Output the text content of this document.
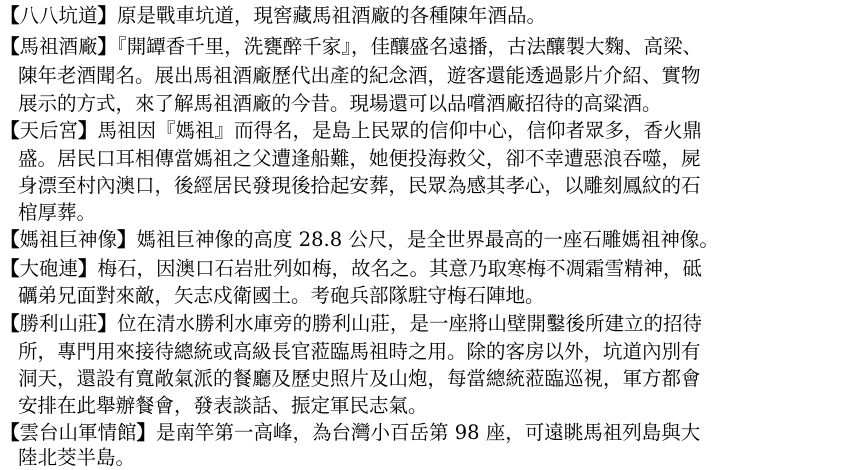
【八八坑道】原是戰車坑道，現窖藏馬祖酒廠的各種陳年酒品。
【馬祖酒廠】『開罈香千里，洗甕醉千家』，佳釀盛名遠播，古法釀製大麴、高梁、
陳年老酒聞名。展出馬祖酒廠歷代出產的紀念酒，遊客還能透過影片介紹、實物
展示的方式，來了解馬祖酒廠的今昔。現場還可以品嚐酒廠招待的高粱酒。
【天后宮】馬祖因『媽祖』而得名，是島上民眾的信仰中心，信仰者眾多，香火鼎
盛。居民口耳相傳當媽祖之父遭逢船難，她便投海救父，卻不幸遭惡浪吞噬，屍
身漂至村內澳口，後經居民發現後拾起安葬，民眾為感其孝心，以雕刻鳳紋的石
棺厚葬。
【媽祖巨神像】媽祖巨神像的高度 28.8 公尺，是全世界最高的一座石雕媽祖神像。
【大砲連】梅石，因澳口石岩壯列如梅，故名之。其意乃取寒梅不凋霜雪精神，砥
礪弟兄面對來敵，矢志戍衛國土。考砲兵部隊駐守梅石陣地。
【勝利山莊】位在清水勝利水庫旁的勝利山莊，是一座將山壁開鑿後所建立的招待
所，專門用來接待總統或高級長官蒞臨馬祖時之用。除的客房以外，坑道內別有
洞天，還設有寬敞氣派的餐廳及歷史照片及山炮，每當總統蒞臨巡視，軍方都會
安排在此舉辦餐會，發表談話、振定軍民志氣。
【雲台山軍情館】是南竿第一高峰，為台灣小百岳第 98 座，可遠眺馬祖列島與大
陸北茭半島。
